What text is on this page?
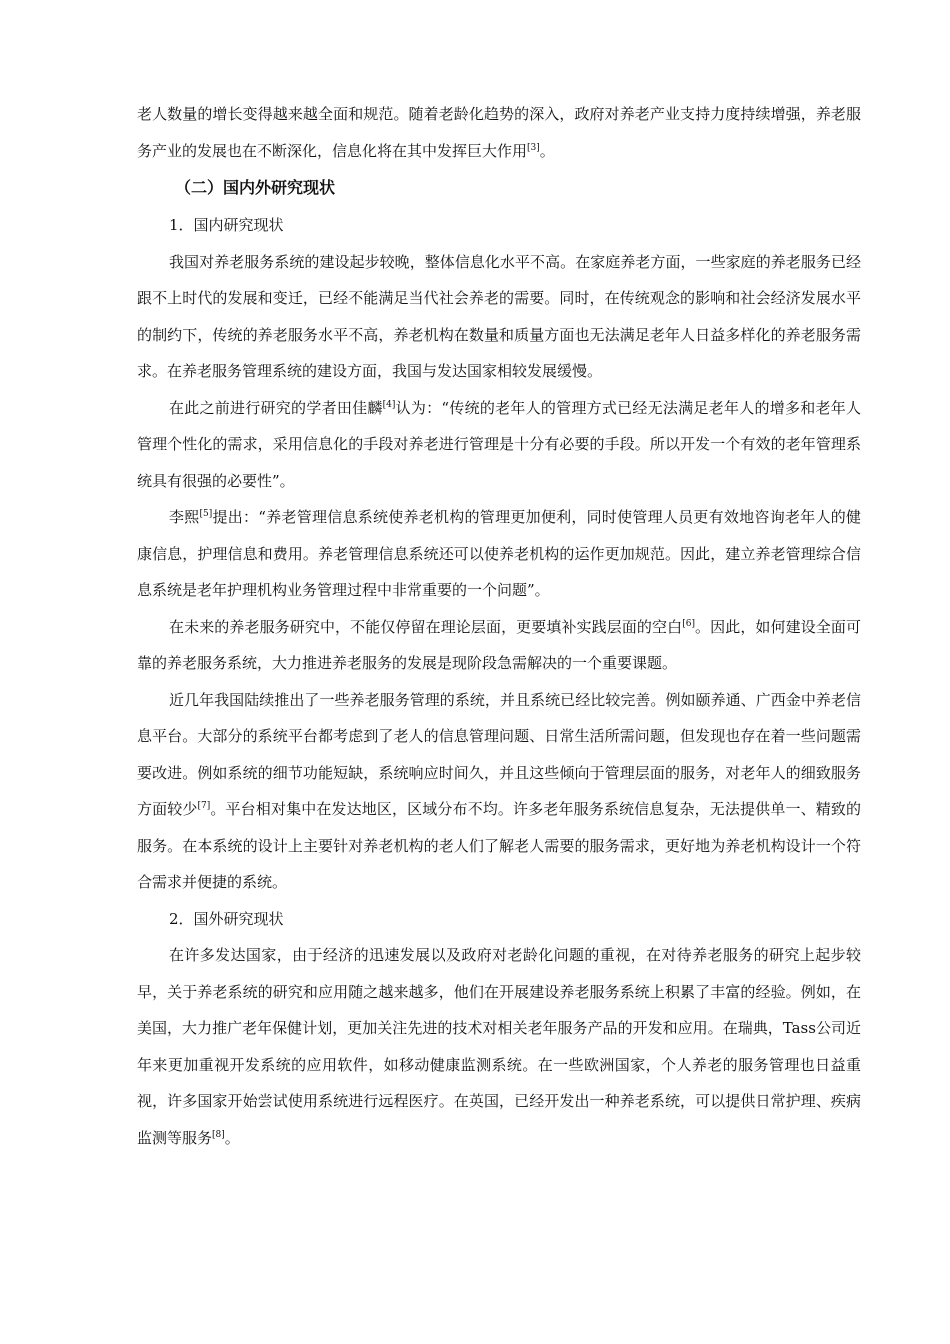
老人数量的增长变得越来越全面和规范。随着老龄化趋势的深入，政府对养老产业支持力度持续增强，养老服务产业的发展也在不断深化，信息化将在其中发挥巨大作用[3]。

（二）国内外研究现状

1．国内研究现状

我国对养老服务系统的建设起步较晚，整体信息化水平不高。在家庭养老方面，一些家庭的养老服务已经跟不上时代的发展和变迁，已经不能满足当代社会养老的需要。同时，在传统观念的影响和社会经济发展水平的制约下，传统的养老服务水平不高，养老机构在数量和质量方面也无法满足老年人日益多样化的养老服务需求。在养老服务管理系统的建设方面，我国与发达国家相较发展缓慢。

在此之前进行研究的学者田佳麟[4]认为：“传统的老年人的管理方式已经无法满足老年人的增多和老年人管理个性化的需求，采用信息化的手段对养老进行管理是十分有必要的手段。所以开发一个有效的老年管理系统具有很强的必要性”。

李熙[5]提出：“养老管理信息系统使养老机构的管理更加便利，同时使管理人员更有效地咨询老年人的健康信息，护理信息和费用。养老管理信息系统还可以使养老机构的运作更加规范。因此，建立养老管理综合信息系统是老年护理机构业务管理过程中非常重要的一个问题”。

在未来的养老服务研究中，不能仅停留在理论层面，更要填补实践层面的空白[6]。因此，如何建设全面可靠的养老服务系统，大力推进养老服务的发展是现阶段急需解决的一个重要课题。

近几年我国陆续推出了一些养老服务管理的系统，并且系统已经比较完善。例如颐养通、广西金中养老信息平台。大部分的系统平台都考虑到了老人的信息管理问题、日常生活所需问题，但发现也存在着一些问题需要改进。例如系统的细节功能短缺，系统响应时间久，并且这些倾向于管理层面的服务，对老年人的细致服务方面较少[7]。平台相对集中在发达地区，区域分布不均。许多老年服务系统信息复杂，无法提供单一、精致的服务。在本系统的设计上主要针对养老机构的老人们了解老人需要的服务需求，更好地为养老机构设计一个符合需求并便捷的系统。

2．国外研究现状

在许多发达国家，由于经济的迅速发展以及政府对老龄化问题的重视，在对待养老服务的研究上起步较早，关于养老系统的研究和应用随之越来越多，他们在开展建设养老服务系统上积累了丰富的经验。例如，在美国，大力推广老年保健计划，更加关注先进的技术对相关老年服务产品的开发和应用。在瑞典，Tass公司近年来更加重视开发系统的应用软件，如移动健康监测系统。在一些欧洲国家，个人养老的服务管理也日益重视，许多国家开始尝试使用系统进行远程医疗。在英国，已经开发出一种养老系统，可以提供日常护理、疾病监测等服务[8]。
